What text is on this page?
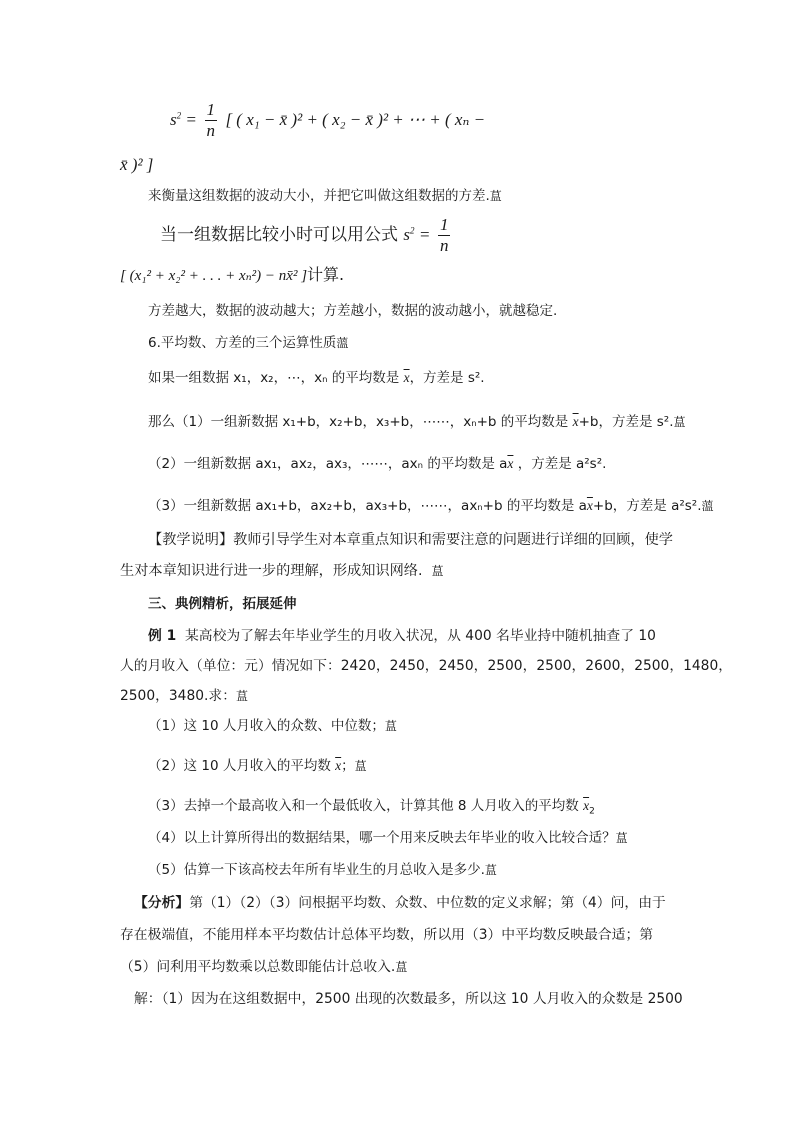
$s^2 = \frac{1}{n}$ [ ( x₁ − x̄ )² + ( x₂ − x̄ )² + ⋯ + ( xₙ −
x̄ )² ]
来衡量这组数据的波动大小，并把它叫做这组数据的方差.蒀
当一组数据比较小时可以用公式 $s^2 = \frac{1}{n}$
[ (x₁² + x₂² + . . . + xₙ²) − nx̄² ]计算.
方差越大，数据的波动越大；方差越小，数据的波动越小，就越稳定.
6.平均数、方差的三个运算性质薀
如果一组数据 x₁，x₂，⋯，xₙ 的平均数是 $\overline{x}$，方差是 s².
那么（1）一组新数据 x₁+b，x₂+b，x₃+b，⋯⋯，xₙ+b 的平均数是 $\overline{x}+b$，方差是 s².蒀
（2）一组新数据 ax₁，ax₂，ax₃，⋯⋯，axₙ 的平均数是 $a\overline{x}$ ，方差是 a²s².
（3）一组新数据 ax₁+b，ax₂+b，ax₃+b，⋯⋯，axₙ+b 的平均数是 $a\overline{x}+b$，方差是 a²s².薀
【教学说明】教师引导学生对本章重点知识和需要注意的问题进行详细的回顾，使学
生对本章知识进行进一步的理解，形成知识网络. 蒀
三、典例精析，拓展延伸
例 1 某高校为了解去年毕业学生的月收入状况，从 400 名毕业持中随机抽查了 10
人的月收入（单位：元）情况如下：2420，2450，2450，2500，2500，2600，2500，1480，
2500，3480.求：蒀
（1）这 10 人月收入的众数、中位数；蒀
（2）这 10 人月收入的平均数 $\overline{x}$；蒀
（3）去掉一个最高收入和一个最低收入，计算其他 8 人月收入的平均数 $\overline{x}_2$
（4）以上计算所得出的数据结果，哪一个用来反映去年毕业的收入比较合适？蒀
（5）估算一下该高校去年所有毕业生的月总收入是多少.蒀
【分析】第（1）（2）（3）问根据平均数、众数、中位数的定义求解；第（4）问，由于
存在极端值，不能用样本平均数估计总体平均数，所以用（3）中平均数反映最合适；第
（5）问利用平均数乘以总数即能估计总收入.蒀
解：（1）因为在这组数据中，2500 出现的次数最多，所以这 10 人月收入的众数是 2500
